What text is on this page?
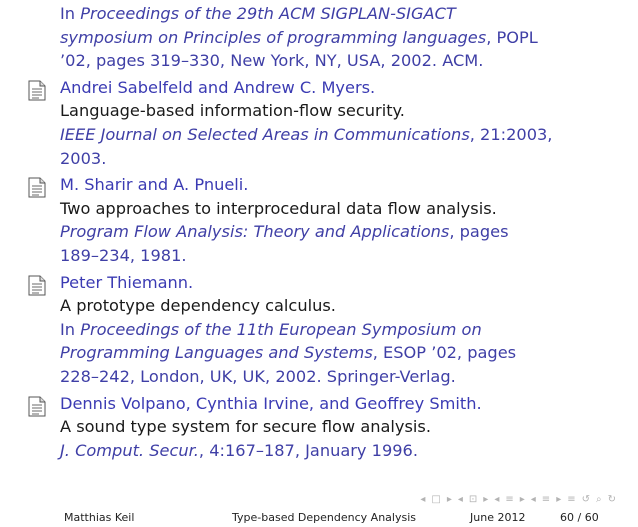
In Proceedings of the 29th ACM SIGPLAN-SIGACT
symposium on Principles of programming languages, POPL
’02, pages 319–330, New York, NY, USA, 2002. ACM.
Andrei Sabelfeld and Andrew C. Myers.
Language-based information-flow security.
IEEE Journal on Selected Areas in Communications, 21:2003,
2003.
M. Sharir and A. Pnueli.
Two approaches to interprocedural data flow analysis.
Program Flow Analysis: Theory and Applications, pages
189–234, 1981.
Peter Thiemann.
A prototype dependency calculus.
In Proceedings of the 11th European Symposium on
Programming Languages and Systems, ESOP ’02, pages
228–242, London, UK, UK, 2002. Springer-Verlag.
Dennis Volpano, Cynthia Irvine, and Geoffrey Smith.
A sound type system for secure flow analysis.
J. Comput. Secur., 4:167–187, January 1996.
◂ □ ▸ ◂ ⊡ ▸ ◂ ≡ ▸ ◂ ≡ ▸ ≡ ↺ ⌕ ↻
Matthias Keil	Type-based Dependency Analysis	June 2012	60 / 60
